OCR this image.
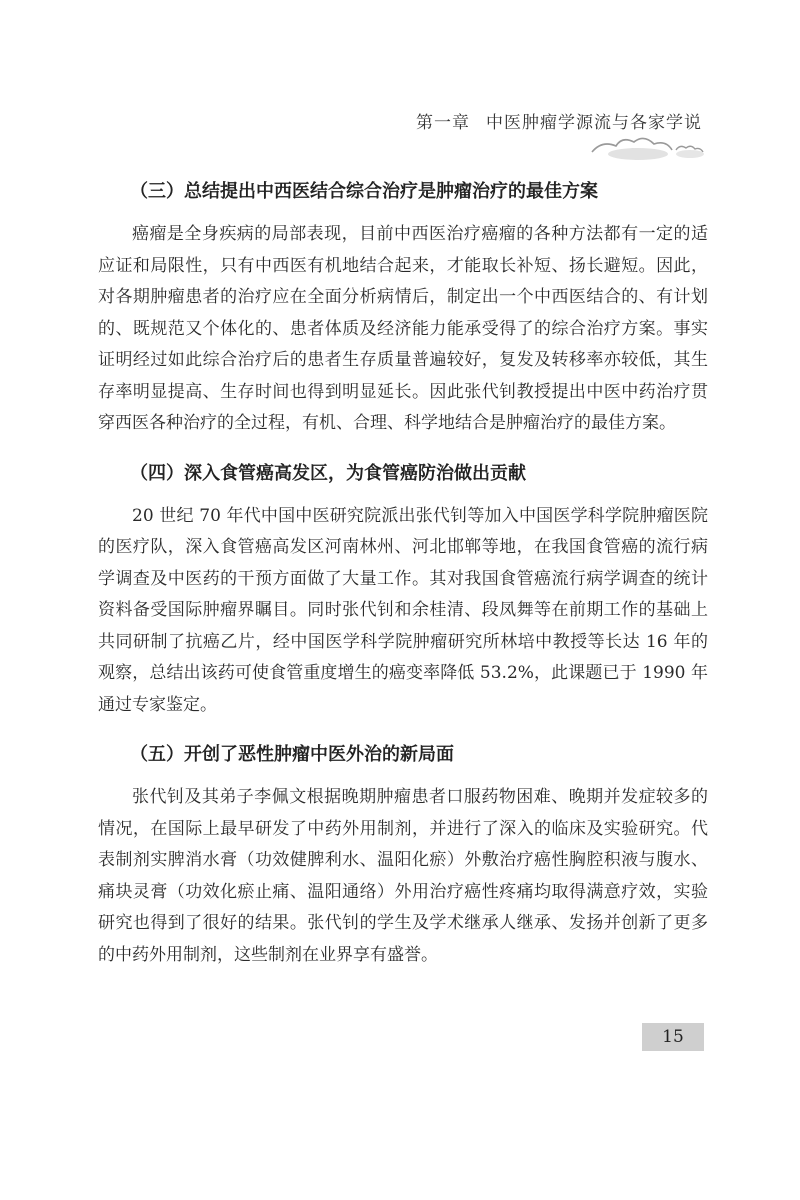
第一章 中医肿瘤学源流与各家学说
（三）总结提出中西医结合综合治疗是肿瘤治疗的最佳方案

癌瘤是全身疾病的局部表现，目前中西医治疗癌瘤的各种方法都有一定的适应证和局限性，只有中西医有机地结合起来，才能取长补短、扬长避短。因此，对各期肿瘤患者的治疗应在全面分析病情后，制定出一个中西医结合的、有计划的、既规范又个体化的、患者体质及经济能力能承受得了的综合治疗方案。事实证明经过如此综合治疗后的患者生存质量普遍较好，复发及转移率亦较低，其生存率明显提高、生存时间也得到明显延长。因此张代钊教授提出中医中药治疗贯穿西医各种治疗的全过程，有机、合理、科学地结合是肿瘤治疗的最佳方案。

（四）深入食管癌高发区，为食管癌防治做出贡献

20 世纪 70 年代中国中医研究院派出张代钊等加入中国医学科学院肿瘤医院的医疗队，深入食管癌高发区河南林州、河北邯郸等地，在我国食管癌的流行病学调查及中医药的干预方面做了大量工作。其对我国食管癌流行病学调查的统计资料备受国际肿瘤界瞩目。同时张代钊和余桂清、段凤舞等在前期工作的基础上共同研制了抗癌乙片，经中国医学科学院肿瘤研究所林培中教授等长达 16 年的观察，总结出该药可使食管重度增生的癌变率降低 53.2%，此课题已于 1990 年通过专家鉴定。

（五）开创了恶性肿瘤中医外治的新局面

张代钊及其弟子李佩文根据晚期肿瘤患者口服药物困难、晚期并发症较多的情况，在国际上最早研发了中药外用制剂，并进行了深入的临床及实验研究。代表制剂实脾消水膏（功效健脾利水、温阳化瘀）外敷治疗癌性胸腔积液与腹水、痛块灵膏（功效化瘀止痛、温阳通络）外用治疗癌性疼痛均取得满意疗效，实验研究也得到了很好的结果。张代钊的学生及学术继承人继承、发扬并创新了更多的中药外用制剂，这些制剂在业界享有盛誉。

15
